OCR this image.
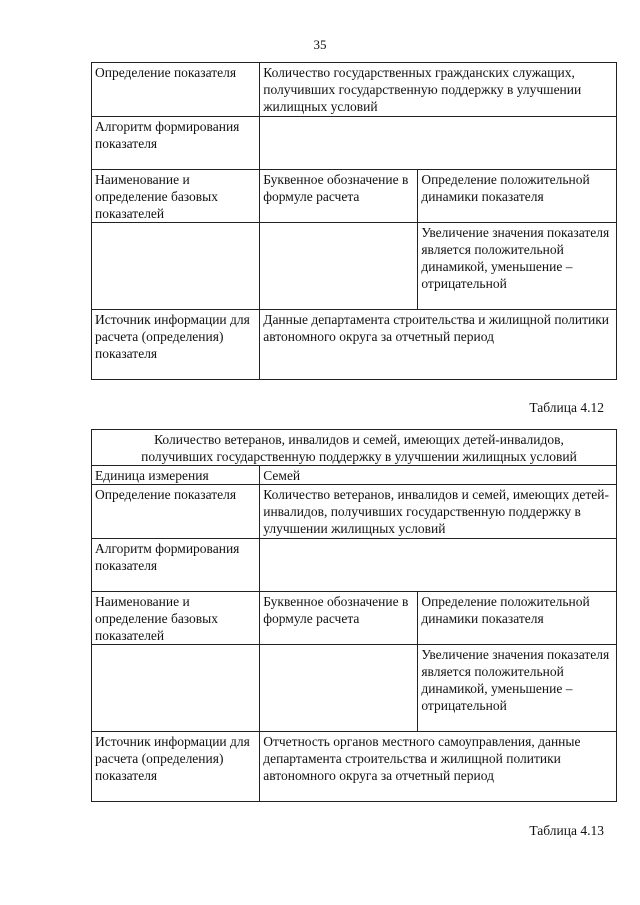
35
Определение показателя	Количество государственных гражданских служащих, получивших государственную поддержку в улучшении жилищных условий	
Алгоритм формирования показателя		
Наименование и определение базовых показателей	Буквенное обозначение в формуле расчета	Определение положительной динамики показателя
		Увеличение значения показателя является положительной динамикой, уменьшение – отрицательной
Источник информации для расчета (определения) показателя	Данные департамента строительства и жилищной политики автономного округа за отчетный период	
Таблица 4.12
Количество ветеранов, инвалидов и семей, имеющих детей-инвалидов, получивших государственную поддержку в улучшении жилищных условий		
Единица измерения	Семей	
Определение показателя	Количество ветеранов, инвалидов и семей, имеющих детей-инвалидов, получивших государственную поддержку в улучшении жилищных условий	
Алгоритм формирования показателя		
Наименование и определение базовых показателей	Буквенное обозначение в формуле расчета	Определение положительной динамики показателя
		Увеличение значения показателя является положительной динамикой, уменьшение – отрицательной
Источник информации для расчета (определения) показателя	Отчетность органов местного самоуправления, данные департамента строительства и жилищной политики автономного округа за отчетный период	
Таблица 4.13
